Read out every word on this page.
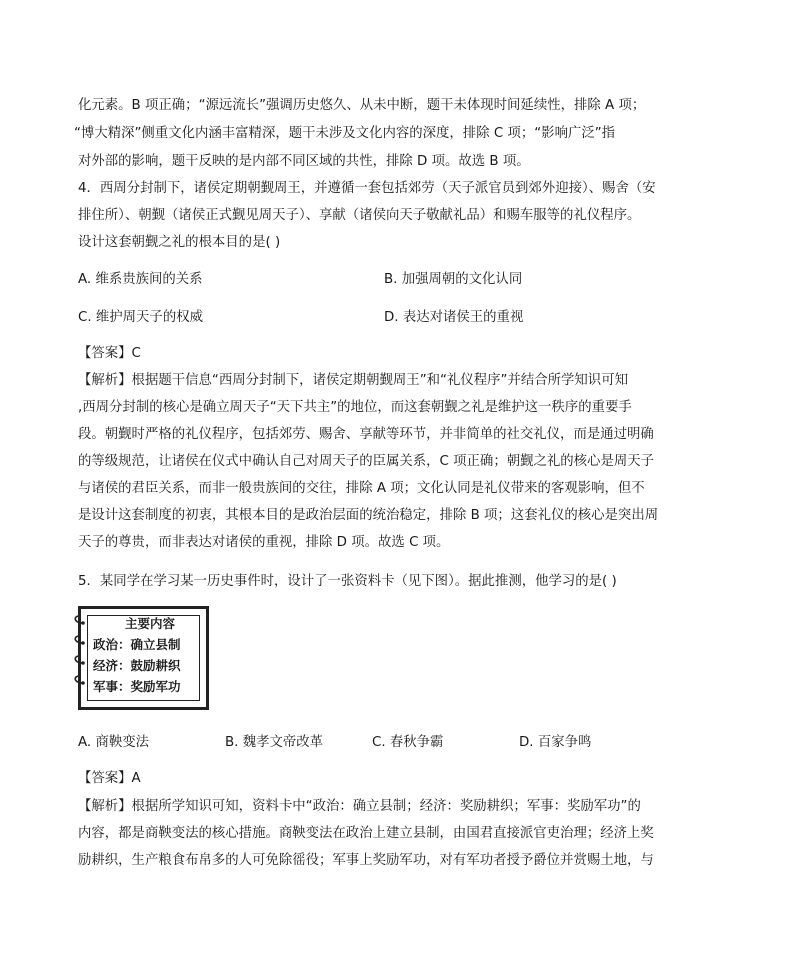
化元素。B 项正确；“源远流长”强调历史悠久、从未中断，题干未体现时间延续性，排除 A 项；
“博大精深”侧重文化内涵丰富精深，题干未涉及文化内容的深度，排除 C 项；“影响广泛”指
对外部的影响，题干反映的是内部不同区域的共性，排除 D 项。故选 B 项。
4．西周分封制下，诸侯定期朝觐周王，并遵循一套包括郊劳（天子派官员到郊外迎接）、赐舍（安
排住所）、朝觐（诸侯正式觐见周天子）、享献（诸侯向天子敬献礼品）和赐车服等的礼仪程序。
设计这套朝觐之礼的根本目的是( )
A. 维系贵族间的关系	B. 加强周朝的文化认同
C. 维护周天子的权威	D. 表达对诸侯王的重视
【答案】C
【解析】根据题干信息“西周分封制下，诸侯定期朝觐周王”和“礼仪程序”并结合所学知识可知
,西周分封制的核心是确立周天子“天下共主”的地位，而这套朝觐之礼是维护这一秩序的重要手
段。朝觐时严格的礼仪程序，包括郊劳、赐舍、享献等环节，并非简单的社交礼仪，而是通过明确
的等级规范，让诸侯在仪式中确认自己对周天子的臣属关系，C 项正确；朝觐之礼的核心是周天子
与诸侯的君臣关系，而非一般贵族间的交往，排除 A 项；文化认同是礼仪带来的客观影响，但不
是设计这套制度的初衷，其根本目的是政治层面的统治稳定，排除 B 项；这套礼仪的核心是突出周
天子的尊贵，而非表达对诸侯的重视，排除 D 项。故选 C 项。
5．某同学在学习某一历史事件时，设计了一张资料卡（见下图）。据此推测，他学习的是( )
主要内容
政治：确立县制
经济：鼓励耕织
军事：奖励军功
A. 商鞅变法	B. 魏孝文帝改革	C. 春秋争霸	D. 百家争鸣
【答案】A
【解析】根据所学知识可知，资料卡中“政治：确立县制；经济：奖励耕织；军事：奖励军功”的
内容，都是商鞅变法的核心措施。商鞅变法在政治上建立县制，由国君直接派官吏治理；经济上奖
励耕织，生产粮食布帛多的人可免除徭役；军事上奖励军功，对有军功者授予爵位并赏赐土地，与
